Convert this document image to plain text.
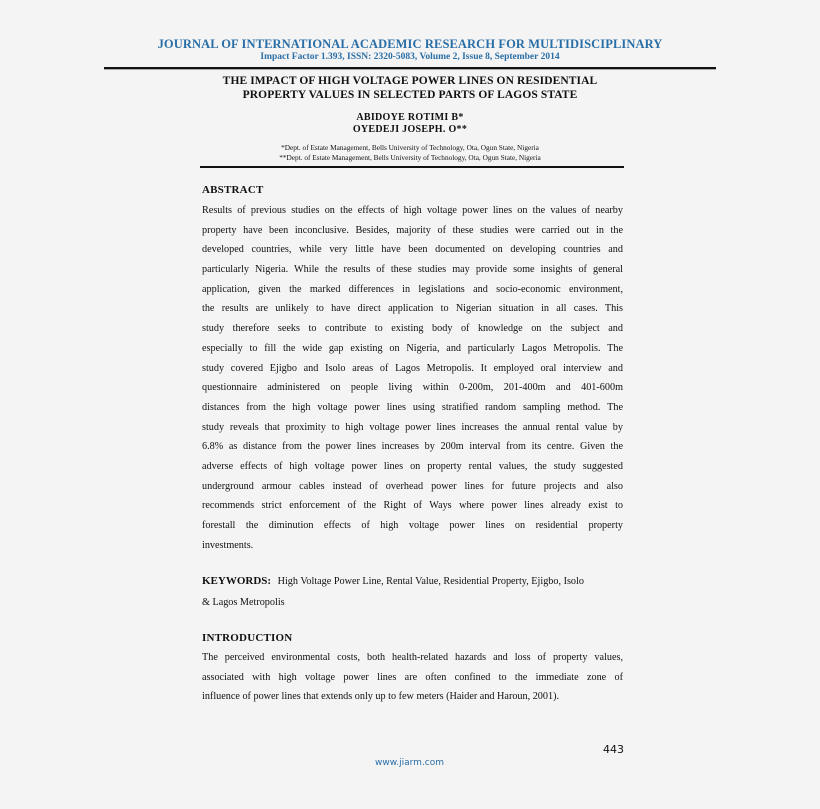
JOURNAL OF INTERNATIONAL ACADEMIC RESEARCH FOR MULTIDISCIPLINARY
Impact Factor 1.393, ISSN: 2320-5083, Volume 2, Issue 8, September 2014
THE IMPACT OF HIGH VOLTAGE POWER LINES ON RESIDENTIAL
PROPERTY VALUES IN SELECTED PARTS OF LAGOS STATE
ABIDOYE ROTIMI B*
OYEDEJI JOSEPH. O**
*Dept. of Estate Management, Bells University of Technology, Ota, Ogun State, Nigeria
**Dept. of Estate Management, Bells University of Technology, Ota, Ogun State, Nigeria
ABSTRACT
Results of previous studies on the effects of high voltage power lines on the values of nearby
property have been inconclusive. Besides, majority of these studies were carried out in the
developed countries, while very little have been documented on developing countries and
particularly Nigeria. While the results of these studies may provide some insights of general
application, given the marked differences in legislations and socio-economic environment,
the results are unlikely to have direct application to Nigerian situation in all cases. This
study therefore seeks to contribute to existing body of knowledge on the subject and
especially to fill the wide gap existing on Nigeria, and particularly Lagos Metropolis. The
study covered Ejigbo and Isolo areas of Lagos Metropolis. It employed oral interview and
questionnaire administered on people living within 0-200m, 201-400m and 401-600m
distances from the high voltage power lines using stratified random sampling method. The
study reveals that proximity to high voltage power lines increases the annual rental value by
6.8% as distance from the power lines increases by 200m interval from its centre. Given the
adverse effects of high voltage power lines on property rental values, the study suggested
underground armour cables instead of overhead power lines for future projects and also
recommends strict enforcement of the Right of Ways where power lines already exist to
forestall the diminution effects of high voltage power lines on residential property
investments.
KEYWORDS: High Voltage Power Line, Rental Value, Residential Property, Ejigbo, Isolo
& Lagos Metropolis
INTRODUCTION
The perceived environmental costs, both health-related hazards and loss of property values,
associated with high voltage power lines are often confined to the immediate zone of
influence of power lines that extends only up to few meters (Haider and Haroun, 2001).
443
www.jiarm.com
